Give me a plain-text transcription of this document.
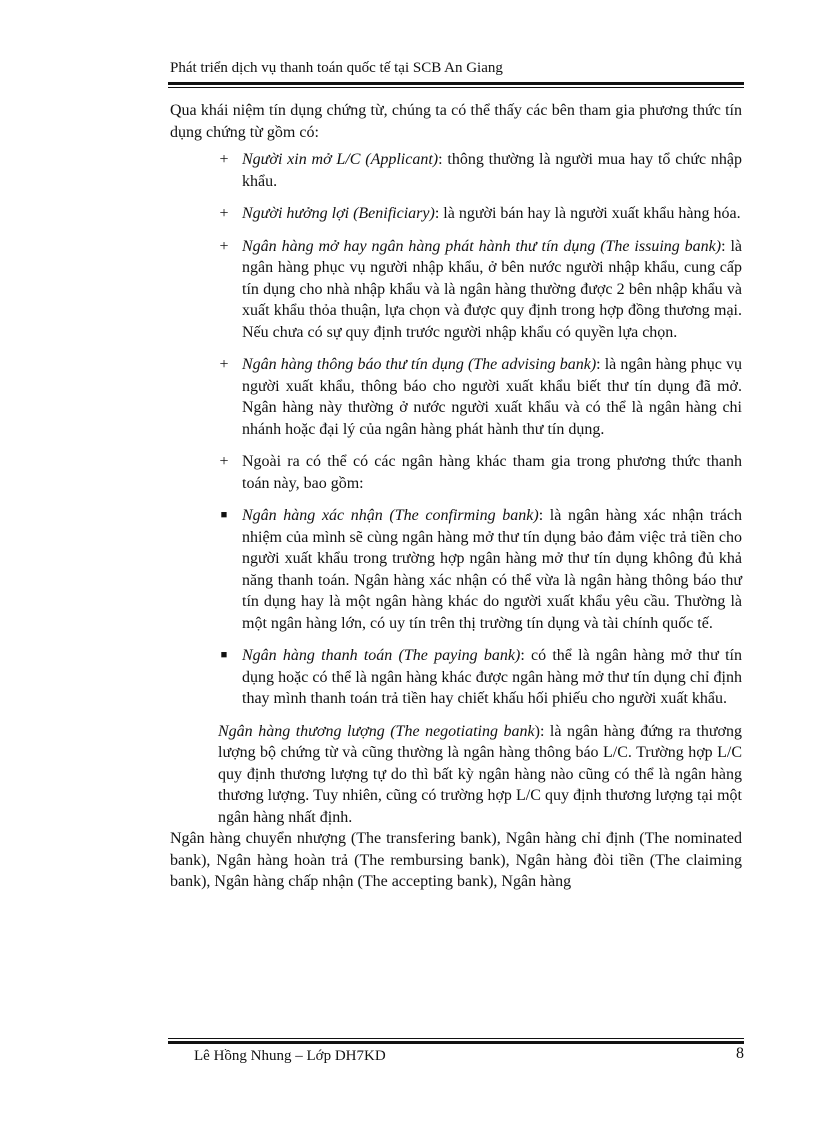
Phát triển dịch vụ thanh toán quốc tế tại SCB An Giang

Qua khái niệm tín dụng chứng từ, chúng ta có thể thấy các bên tham gia phương thức tín dụng chứng từ gồm có:

+ Người xin mở L/C (Applicant): thông thường là người mua hay tổ chức nhập khẩu.
+ Người hưởng lợi (Benificiary): là người bán hay là người xuất khẩu hàng hóa.
+ Ngân hàng mở hay ngân hàng phát hành thư tín dụng (The issuing bank): là ngân hàng phục vụ người nhập khẩu, ở bên nước người nhập khẩu, cung cấp tín dụng cho nhà nhập khẩu và là ngân hàng thường được 2 bên nhập khẩu và xuất khẩu thỏa thuận, lựa chọn và được quy định trong hợp đồng thương mại. Nếu chưa có sự quy định trước người nhập khẩu có quyền lựa chọn.
+ Ngân hàng thông báo thư tín dụng (The advising bank): là ngân hàng phục vụ người xuất khẩu, thông báo cho người xuất khẩu biết thư tín dụng đã mở. Ngân hàng này thường ở nước người xuất khẩu và có thể là ngân hàng chi nhánh hoặc đại lý của ngân hàng phát hành thư tín dụng.
+ Ngoài ra có thể có các ngân hàng khác tham gia trong phương thức thanh toán này, bao gồm:
■ Ngân hàng xác nhận (The confirming bank): là ngân hàng xác nhận trách nhiệm của mình sẽ cùng ngân hàng mở thư tín dụng bảo đảm việc trả tiền cho người xuất khẩu trong trường hợp ngân hàng mở thư tín dụng không đủ khả năng thanh toán. Ngân hàng xác nhận có thể vừa là ngân hàng thông báo thư tín dụng hay là một ngân hàng khác do người xuất khẩu yêu cầu. Thường là một ngân hàng lớn, có uy tín trên thị trường tín dụng và tài chính quốc tế.
■ Ngân hàng thanh toán (The paying bank): có thể là ngân hàng mở thư tín dụng hoặc có thể là ngân hàng khác được ngân hàng mở thư tín dụng chỉ định thay mình thanh toán trả tiền hay chiết khấu hối phiếu cho người xuất khẩu.

Ngân hàng thương lượng (The negotiating bank): là ngân hàng đứng ra thương lượng bộ chứng từ và cũng thường là ngân hàng thông báo L/C. Trường hợp L/C quy định thương lượng tự do thì bất kỳ ngân hàng nào cũng có thể là ngân hàng thương lượng. Tuy nhiên, cũng có trường hợp L/C quy định thương lượng tại một ngân hàng nhất định.

Ngân hàng chuyển nhượng (The transfering bank), Ngân hàng chỉ định (The nominated bank), Ngân hàng hoàn trả (The rembursing bank), Ngân hàng đòi tiền (The claiming bank), Ngân hàng chấp nhận (The accepting bank), Ngân hàng

Lê Hồng Nhung – Lớp DH7KD	8
